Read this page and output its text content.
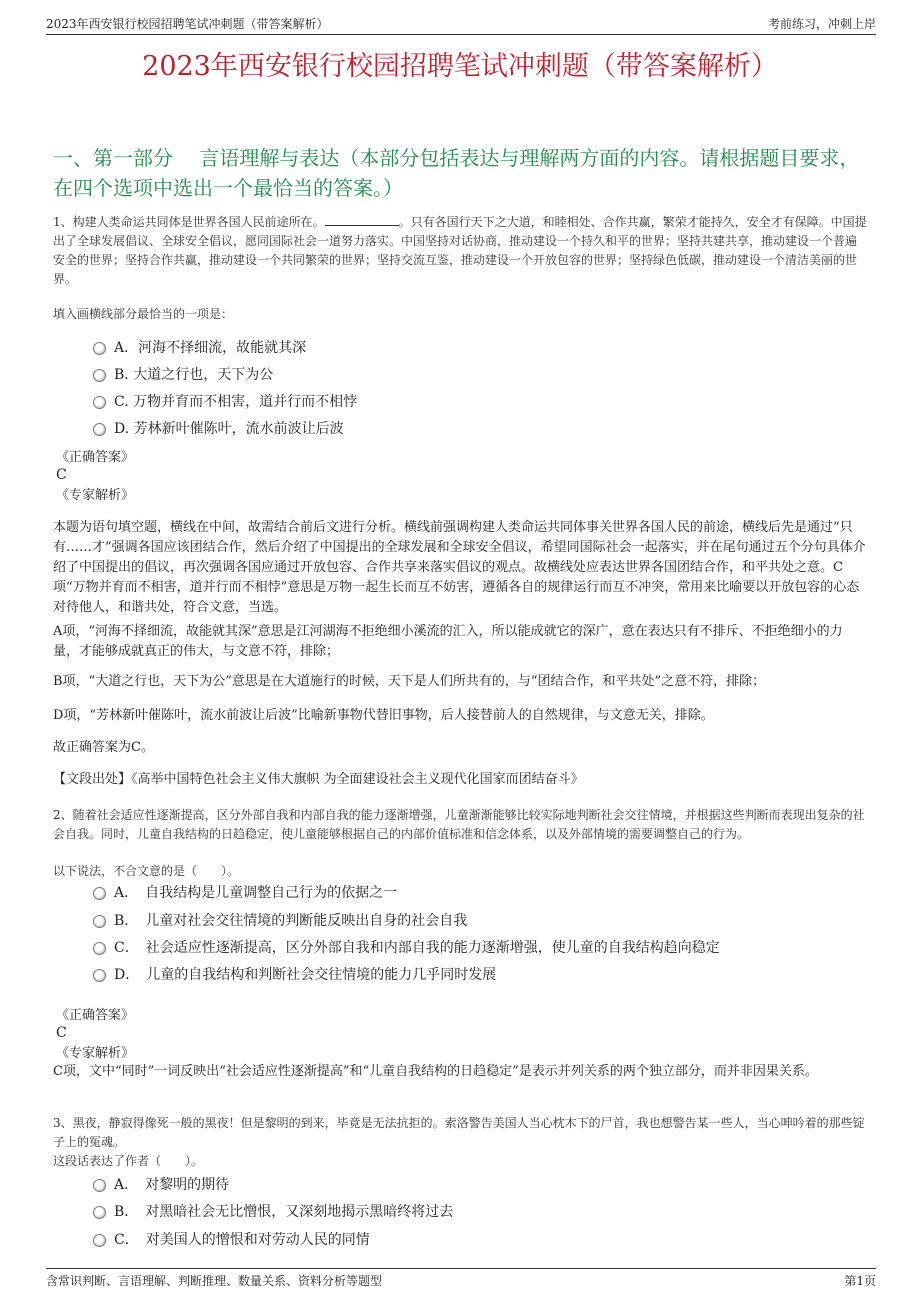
2023年西安银行校园招聘笔试冲刺题（带答案解析）	考前练习，冲刺上岸
2023年西安银行校园招聘笔试冲刺题（带答案解析）
一、第一部分　 言语理解与表达（本部分包括表达与理解两方面的内容。请根据题目要求，在四个选项中选出一个最恰当的答案。）
1、构建人类命运共同体是世界各国人民前途所在。	。只有各国行天下之大道，和睦相处、合作共赢，繁荣才能持久，安全才有保障。中国提出了全球发展倡议、全球安全倡议，愿同国际社会一道努力落实。中国坚持对话协商，推动建设一个持久和平的世界；坚持共建共享，推动建设一个普遍安全的世界；坚持合作共赢，推动建设一个共同繁荣的世界；坚持交流互鉴，推动建设一个开放包容的世界；坚持绿色低碳，推动建设一个清洁美丽的世界。
填入画横线部分最恰当的一项是：
A．河海不择细流，故能就其深
B. 大道之行也，天下为公
C. 万物并育而不相害，道并行而不相悖
D. 芳林新叶催陈叶，流水前波让后波
《正确答案》
C
《专家解析》
本题为语句填空题，横线在中间，故需结合前后文进行分析。横线前强调构建人类命运共同体事关世界各国人民的前途，横线后先是通过“只有……才”强调各国应该团结合作，然后介绍了中国提出的全球发展和全球安全倡议，希望同国际社会一起落实，并在尾句通过五个分句具体介绍了中国提出的倡议，再次强调各国应通过开放包容、合作共享来落实倡议的观点。故横线处应表达世界各国团结合作，和平共处之意。C项“万物并育而不相害，道并行而不相悖”意思是万物一起生长而互不妨害，遵循各自的规律运行而互不冲突，常用来比喻要以开放包容的心态对待他人，和谐共处，符合文意，当选。
A项，“河海不择细流，故能就其深”意思是江河湖海不拒绝细小溪流的汇入，所以能成就它的深广，意在表达只有不排斥、不拒绝细小的力量，才能够成就真正的伟大，与文意不符，排除；
B项，“大道之行也，天下为公”意思是在大道施行的时候，天下是人们所共有的，与“团结合作，和平共处”之意不符，排除；
D项，“芳林新叶催陈叶，流水前波让后波”比喻新事物代替旧事物，后人接替前人的自然规律，与文意无关，排除。
故正确答案为C。
【文段出处】《高举中国特色社会主义伟大旗帜 为全面建设社会主义现代化国家而团结奋斗》
2、随着社会适应性逐渐提高，区分外部自我和内部自我的能力逐渐增强，儿童渐渐能够比较实际地判断社会交往情境，并根据这些判断而表现出复杂的社会自我。同时，儿童自我结构的日趋稳定，使儿童能够根据自己的内部价值标准和信念体系，以及外部情境的需要调整自己的行为。
以下说法，不合文意的是（　　）。
A．　自我结构是儿童调整自己行为的依据之一
B．　儿童对社会交往情境的判断能反映出自身的社会自我
C．　社会适应性逐渐提高，区分外部自我和内部自我的能力逐渐增强，使儿童的自我结构趋向稳定
D．　儿童的自我结构和判断社会交往情境的能力几乎同时发展
《正确答案》
C
《专家解析》
C项，文中“同时”一词反映出“社会适应性逐渐提高”和“儿童自我结构的日趋稳定”是表示并列关系的两个独立部分，而并非因果关系。
3、黑夜，静寂得像死一般的黑夜！但是黎明的到来，毕竟是无法抗拒的。索洛警告美国人当心枕木下的尸首，我也想警告某一些人，当心呻吟着的那些锭子上的冤魂。
这段话表达了作者（　　）。
A．　对黎明的期待
B．　对黑暗社会无比憎恨，又深刻地揭示黑暗终将过去
C．　对美国人的憎恨和对劳动人民的同情
含常识判断、言语理解、判断推理、数量关系、资料分析等题型	第1页
